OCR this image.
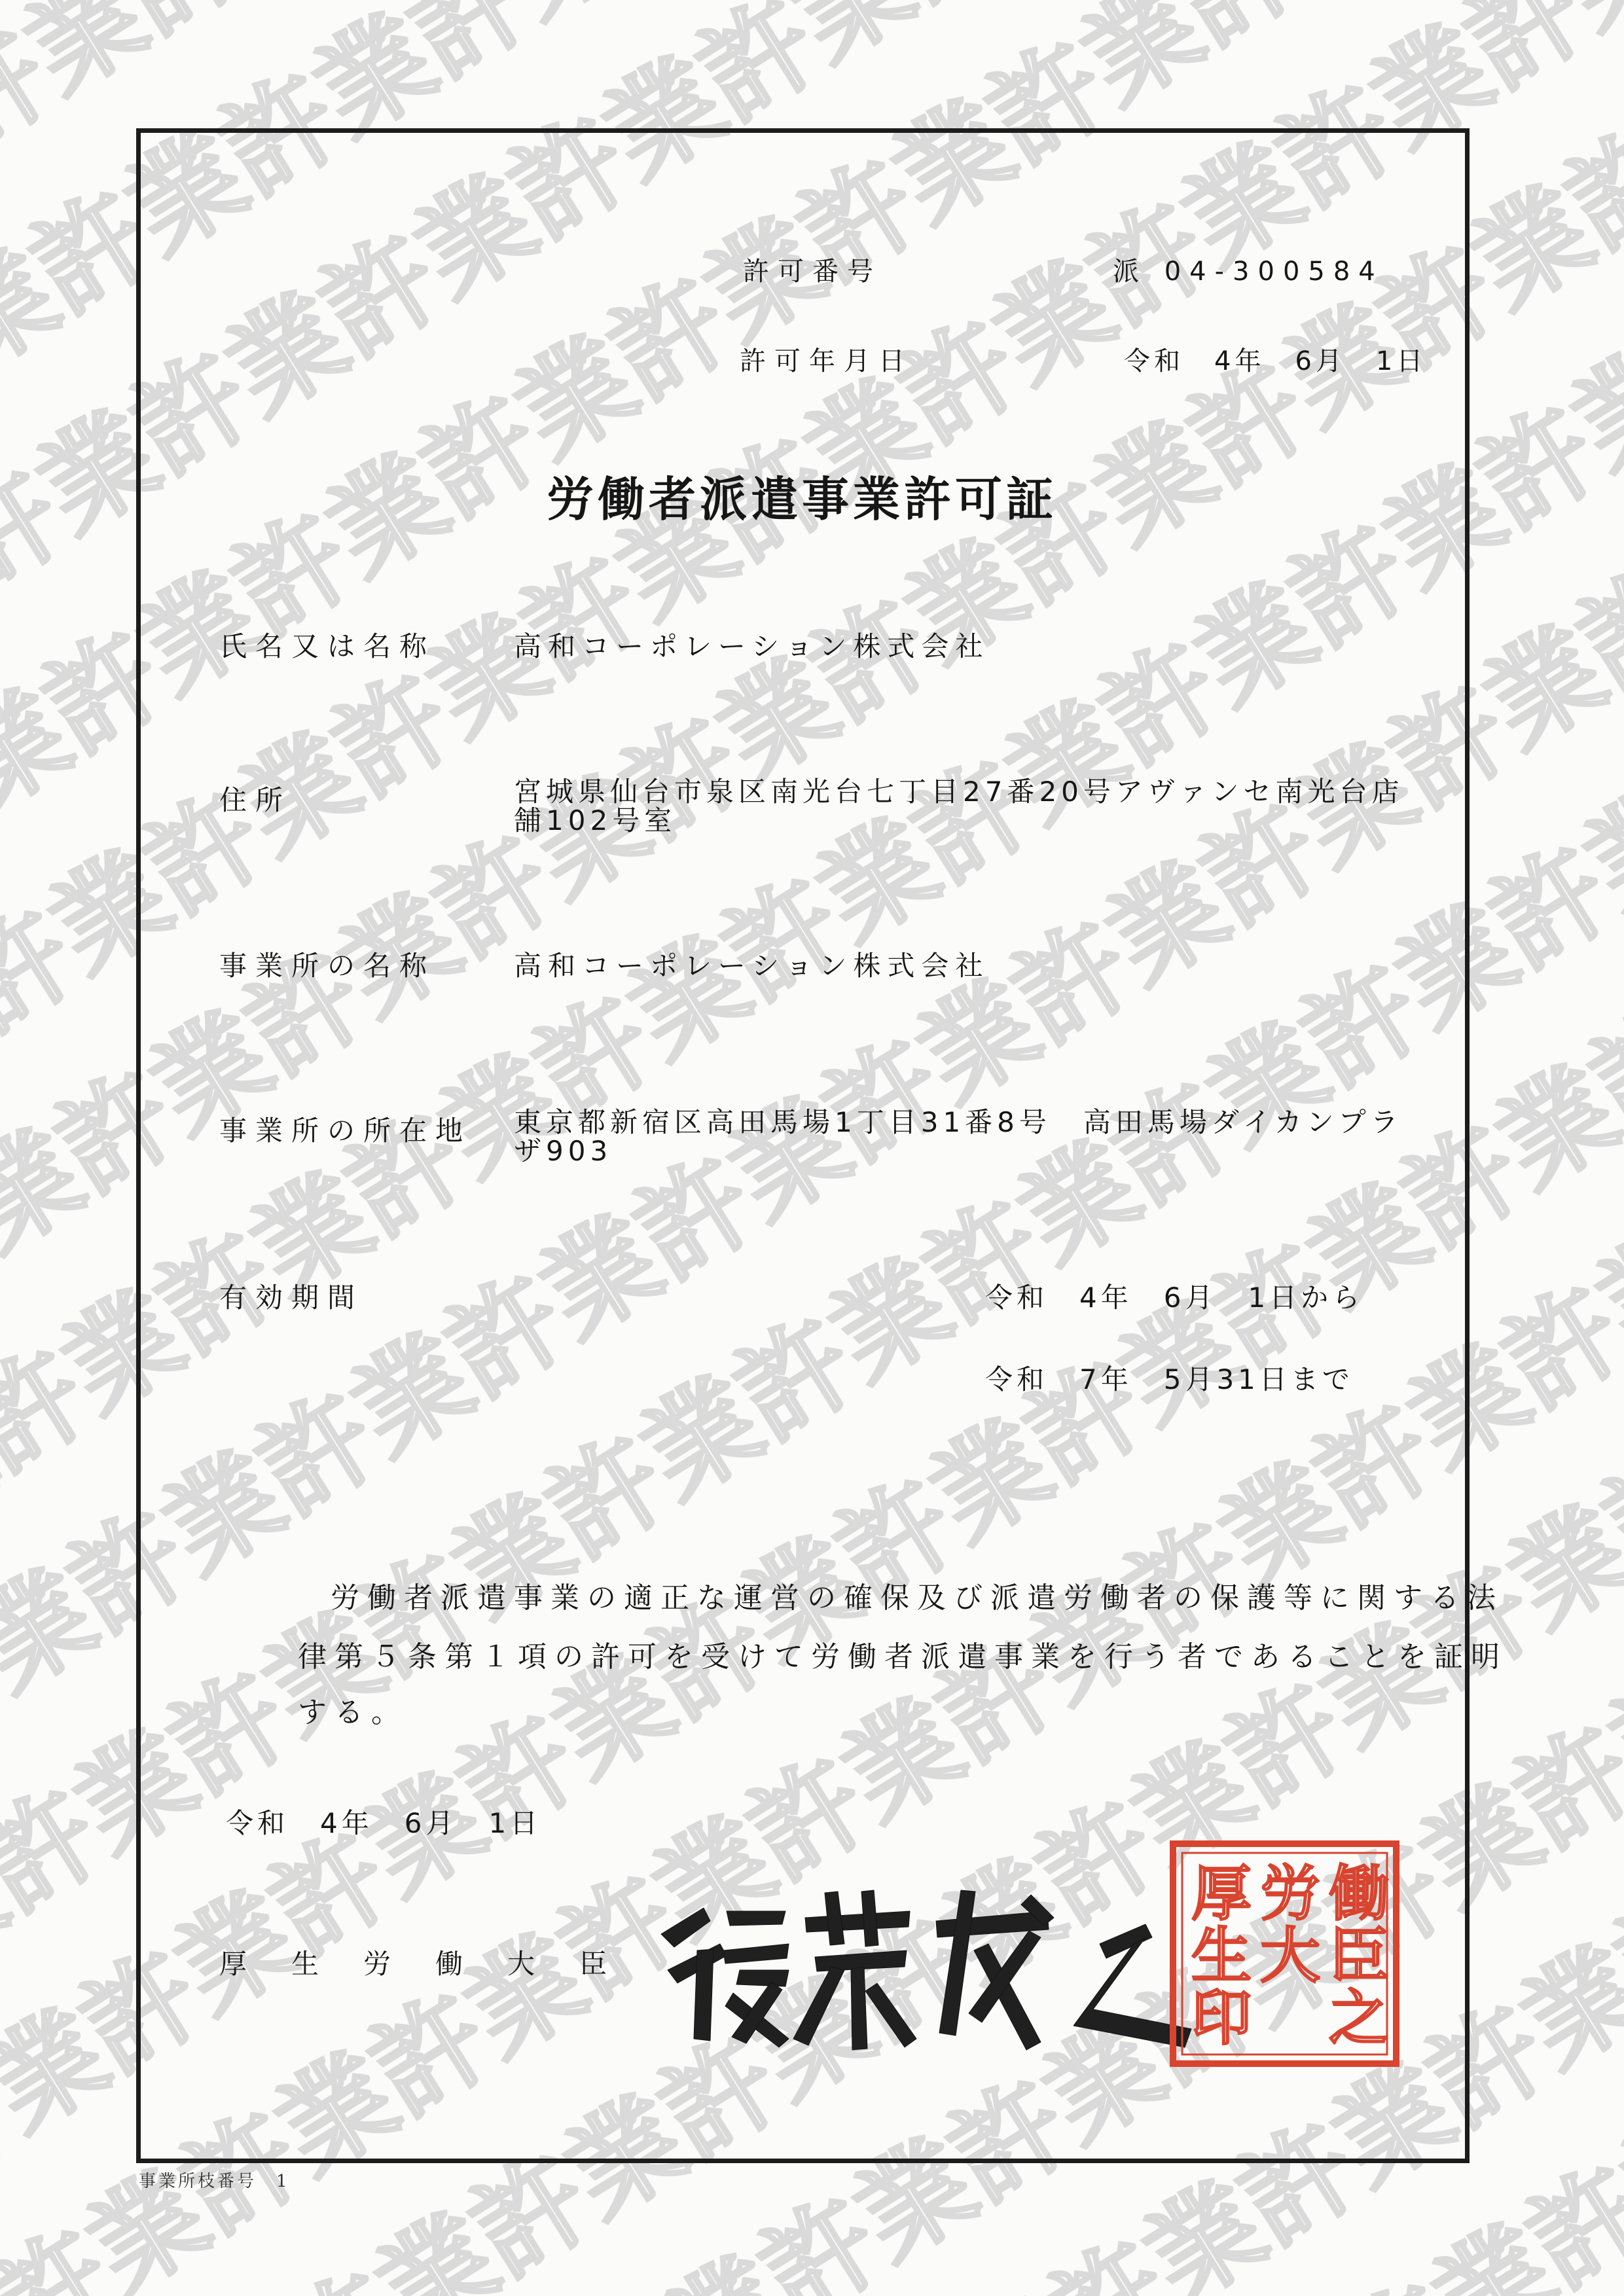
許可番号	派 04-300584
許可年月日	令和　4年　6月　1日
労働者派遣事業許可証
氏名又は名称	高和コーポレーション株式会社
住所	宮城県仙台市泉区南光台七丁目27番20号アヴァンセ南光台店舗102号室
事業所の名称	高和コーポレーション株式会社
事業所の所在地 東京都新宿区高田馬場1丁目31番8号　高田馬場ダイカンプラザ903
有効期間	令和　4年　6月　1日から
令和　7年　5月31日まで
労働者派遣事業の適正な運営の確保及び派遣労働者の保護等に関する法
律第５条第１項の許可を受けて労働者派遣事業を行う者であることを証明
する。
令和　4年　6月　1日
厚　生　労　働　大　臣
働
臣
之
労
大
厚
生
印
事業所枝番号　1
